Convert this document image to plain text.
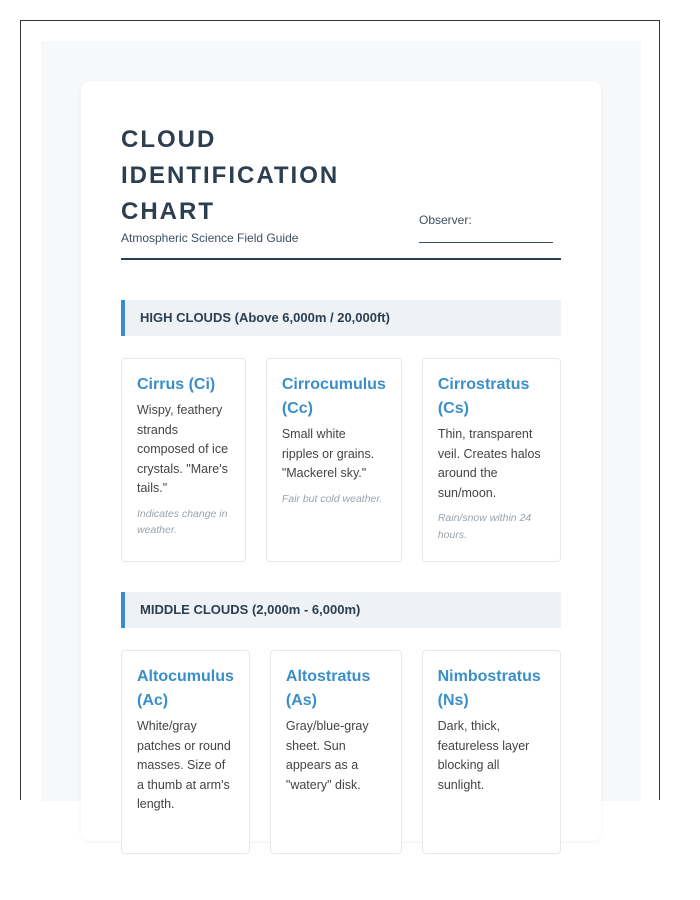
CLOUD IDENTIFICATION CHART
Atmospheric Science Field Guide
Observer:
HIGH CLOUDS (Above 6,000m / 20,000ft)
Cirrus (Ci)

Wispy, feathery strands composed of ice crystals. "Mare's tails."

Indicates change in weather.
Cirrocumulus (Cc)

Small white ripples or grains. "Mackerel sky."

Fair but cold weather.
Cirrostratus (Cs)

Thin, transparent veil. Creates halos around the sun/moon.

Rain/snow within 24 hours.
MIDDLE CLOUDS (2,000m - 6,000m)
Altocumulus (Ac)

White/gray patches or round masses. Size of a thumb at arm's length.

Altostratus (As)

Gray/blue-gray sheet. Sun appears as a "watery" disk.

Nimbostratus (Ns)

Dark, thick, featureless layer blocking all sunlight.
